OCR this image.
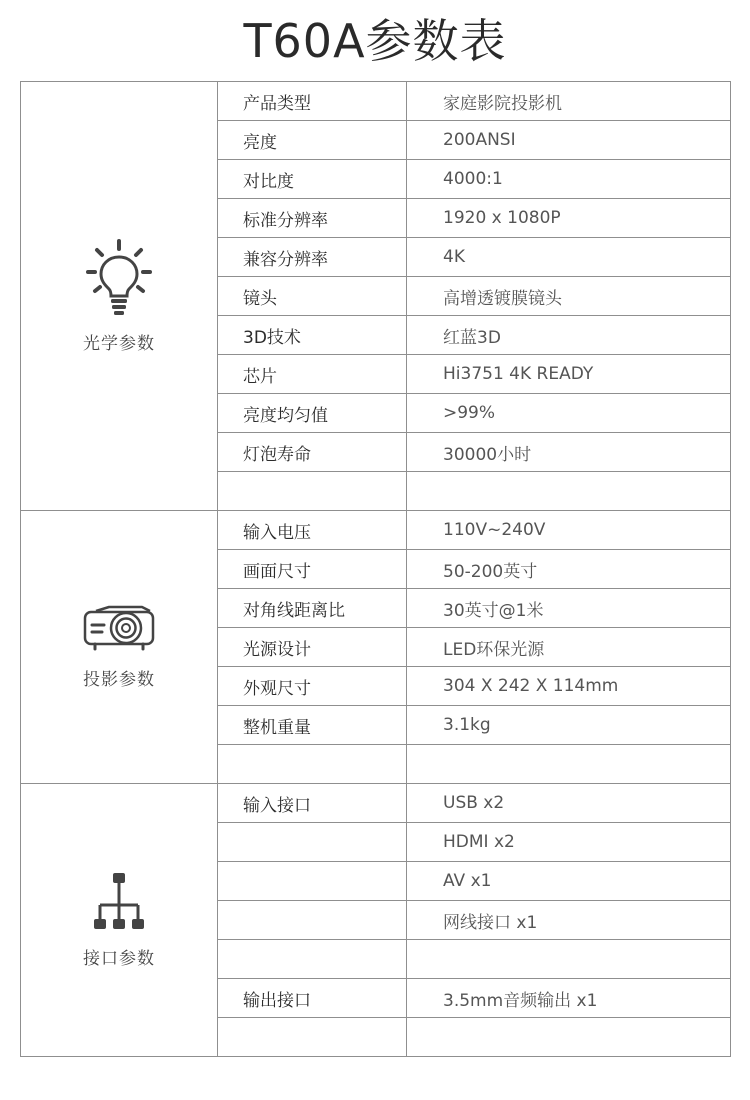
T60A参数表
光学参数	产品类型	家庭影院投影机
	亮度	200ANSI
	对比度	4000:1
	标准分辨率	1920 x 1080P
	兼容分辨率	4K
	镜头	高增透镀膜镜头
	3D技术	红蓝3D
	芯片	Hi3751 4K READY
	亮度均匀值	>99%
	灯泡寿命	30000小时

投影参数	输入电压	110V~240V
	画面尺寸	50-200英寸
	对角线距离比	30英寸@1米
	光源设计	LED环保光源
	外观尺寸	304 X 242 X 114mm
	整机重量	3.1kg

接口参数	输入接口	USB x2
		HDMI x2
		AV x1
		网线接口 x1

	输出接口	3.5mm音频输出 x1
